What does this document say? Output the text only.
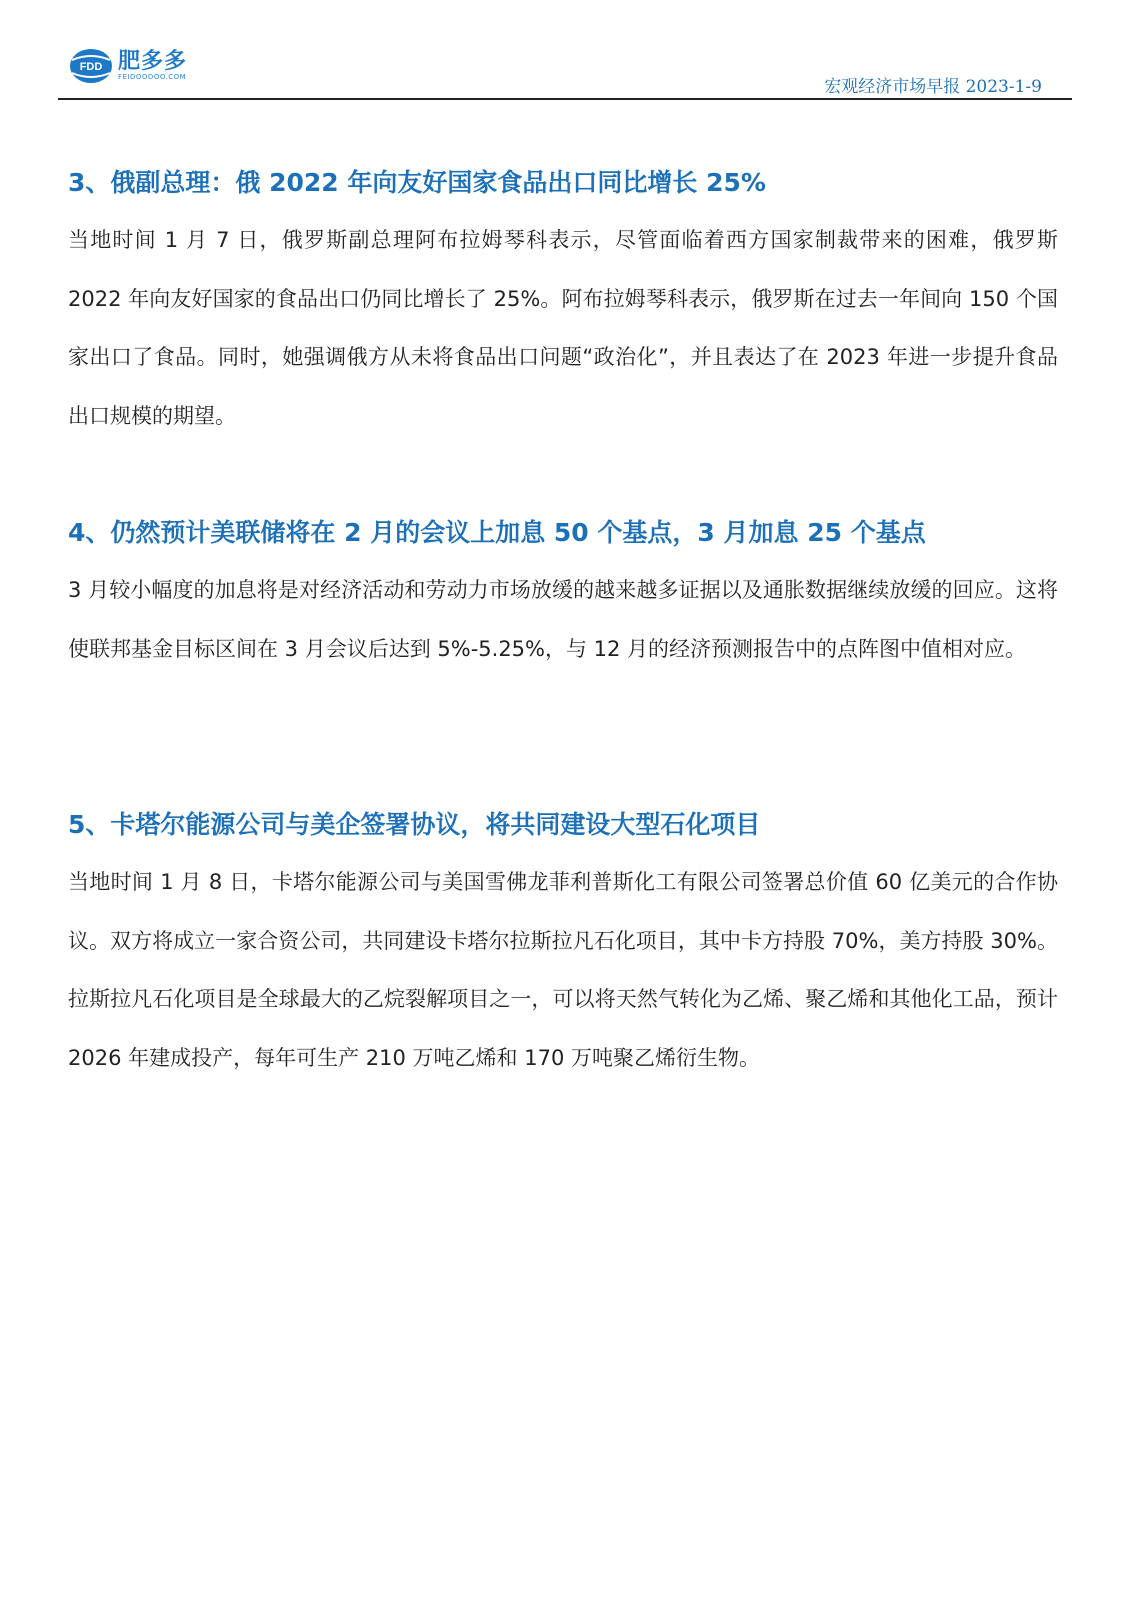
FDD 肥多多
FEIDOODOO.COM	宏观经济市场早报 2023-1-9
3、俄副总理：俄 2022 年向友好国家食品出口同比增长 25%

当地时间 1 月 7 日，俄罗斯副总理阿布拉姆琴科表示，尽管面临着西方国家制裁带来的困难，俄罗斯 2022 年向友好国家的食品出口仍同比增长了 25%。阿布拉姆琴科表示，俄罗斯在过去一年间向 150 个国家出口了食品。同时，她强调俄方从未将食品出口问题“政治化”，并且表达了在 2023 年进一步提升食品出口规模的期望。

4、仍然预计美联储将在 2 月的会议上加息 50 个基点，3 月加息 25 个基点

3 月较小幅度的加息将是对经济活动和劳动力市场放缓的越来越多证据以及通胀数据继续放缓的回应。这将使联邦基金目标区间在 3 月会议后达到 5%-5.25%，与 12 月的经济预测报告中的点阵图中值相对应。

5、卡塔尔能源公司与美企签署协议，将共同建设大型石化项目

当地时间 1 月 8 日，卡塔尔能源公司与美国雪佛龙菲利普斯化工有限公司签署总价值 60 亿美元的合作协议。双方将成立一家合资公司，共同建设卡塔尔拉斯拉凡石化项目，其中卡方持股 70%，美方持股 30%。拉斯拉凡石化项目是全球最大的乙烷裂解项目之一，可以将天然气转化为乙烯、聚乙烯和其他化工品，预计 2026 年建成投产，每年可生产 210 万吨乙烯和 170 万吨聚乙烯衍生物。
